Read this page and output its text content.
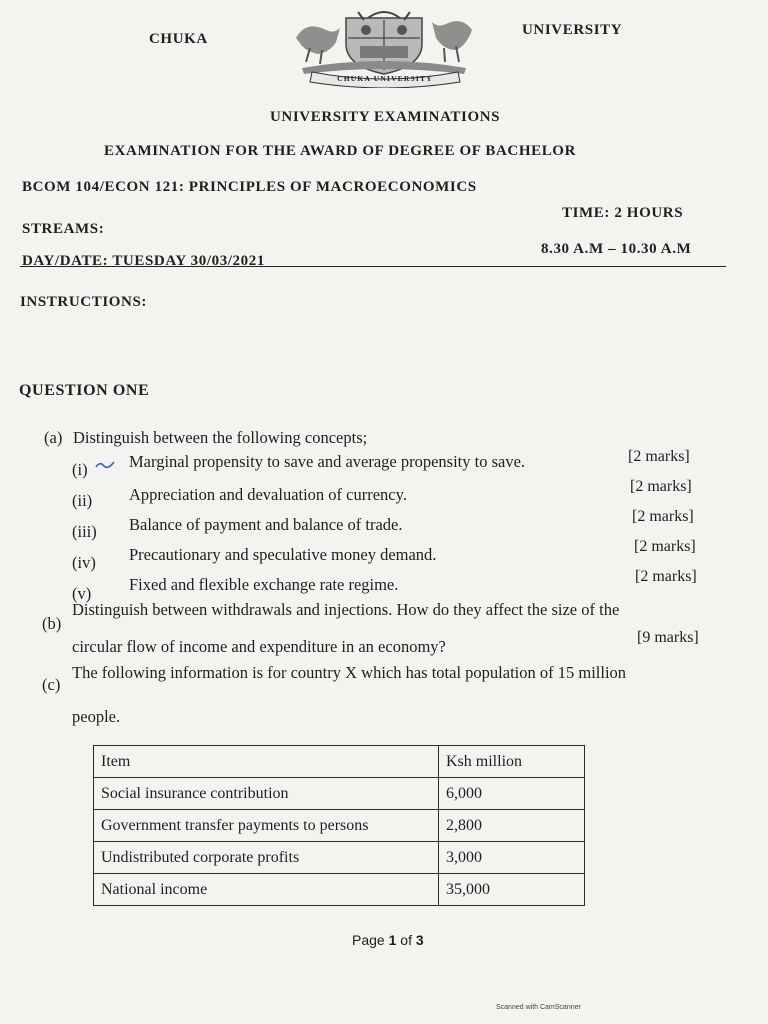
CHUKA
UNIVERSITY
CHUKA UNIVERSITY
UNIVERSITY EXAMINATIONS
EXAMINATION FOR THE AWARD OF DEGREE OF BACHELOR
BCOM 104/ECON 121: PRINCIPLES OF MACROECONOMICS
TIME: 2 HOURS
STREAMS:
8.30 A.M – 10.30 A.M
DAY/DATE: TUESDAY 30/03/2021
INSTRUCTIONS:
QUESTION ONE
(a) Distinguish between the following concepts;
(i)	Marginal propensity to save and average propensity to save.	[2 marks]
(ii) Appreciation and devaluation of currency.	[2 marks]
(iii) Balance of payment and balance of trade.	[2 marks]
(iv) Precautionary and speculative money demand.	[2 marks]
(v) Fixed and flexible exchange rate regime.	[2 marks]
(b)
Distinguish between withdrawals and injections. How do they affect the size of the
circular flow of income and expenditure in an economy?	[9 marks]
(c)
The following information is for country X which has total population of 15 million
people.
Item	Ksh million
Social insurance contribution	6,000
Government transfer payments to persons	2,800
Undistributed corporate profits	3,000
National income	35,000
Page 1 of 3
Scanned with CamScanner
